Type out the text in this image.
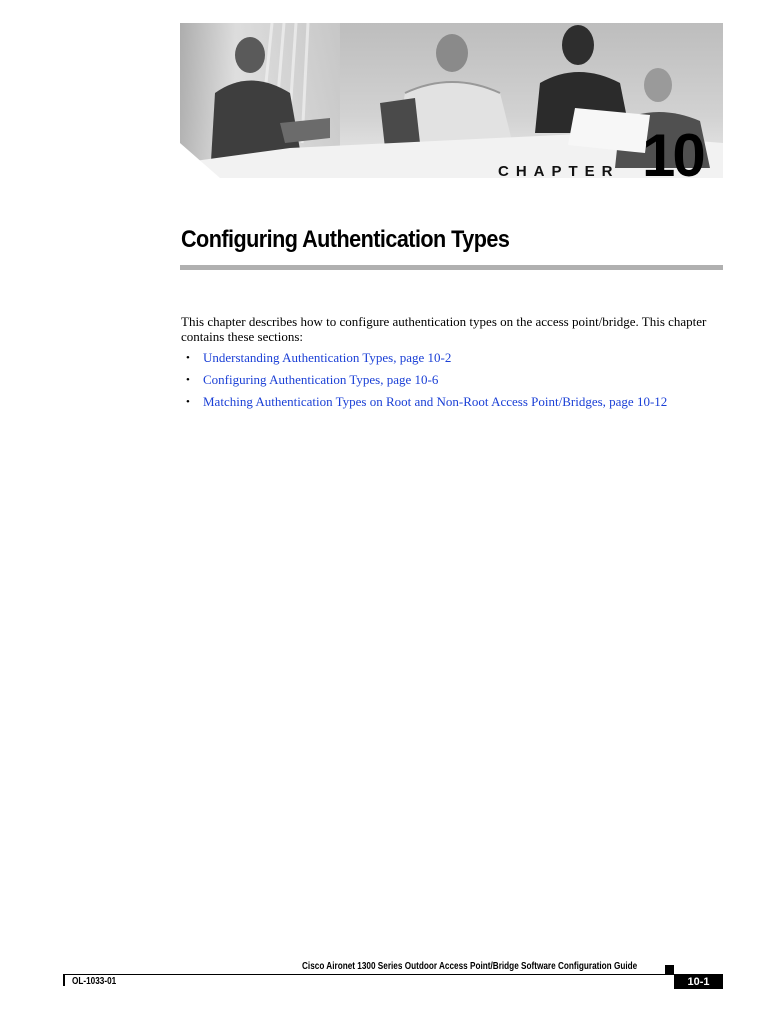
CHAPTER 10
Configuring Authentication Types

This chapter describes how to configure authentication types on the access point/bridge. This chapter contains these sections:

• Understanding Authentication Types, page 10-2
• Configuring Authentication Types, page 10-6
• Matching Authentication Types on Root and Non-Root Access Point/Bridges, page 10-12
Cisco Aironet 1300 Series Outdoor Access Point/Bridge Software Configuration Guide
OL-1033-01	10-1
